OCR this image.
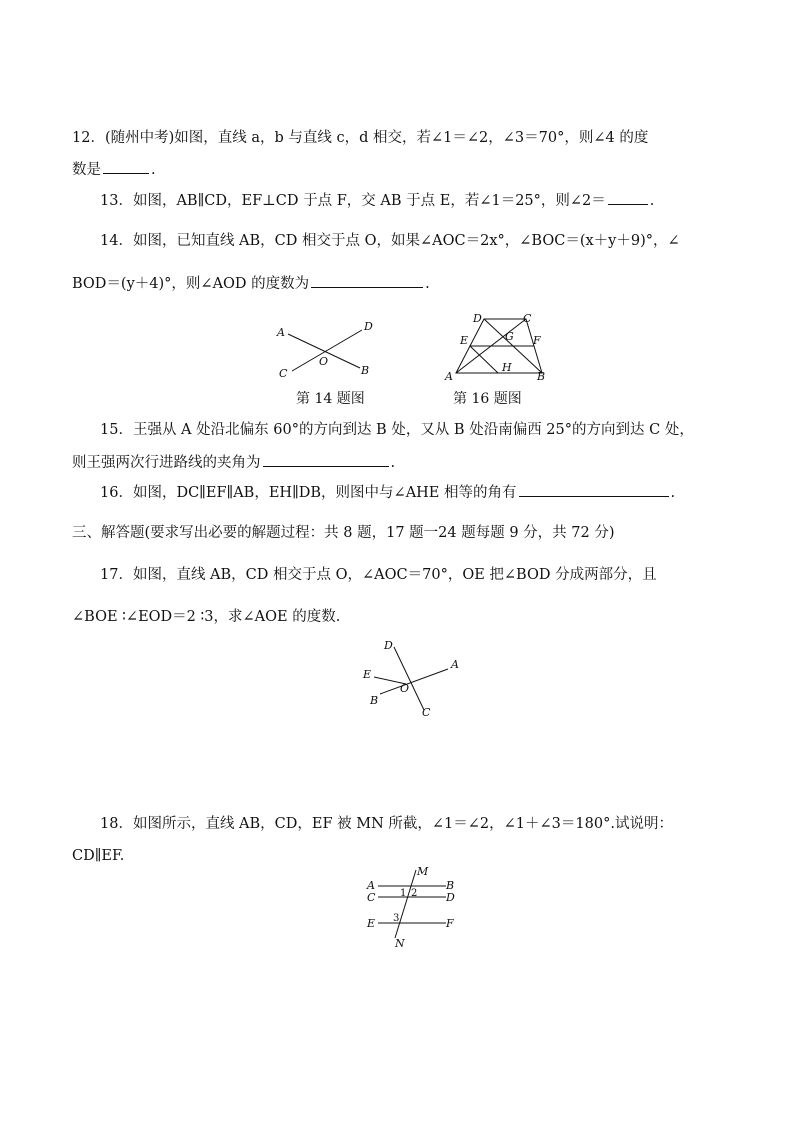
12．(随州中考)如图，直线 a，b 与直线 c，d 相交，若∠1＝∠2，∠3＝70°，则∠4 的度
数是	.
13．如图，AB∥CD，EF⊥CD 于点 F，交 AB 于点 E，若∠1＝25°，则∠2＝	.
14．如图，已知直线 AB，CD 相交于点 O，如果∠AOC＝2x°，∠BOC＝(x＋y＋9)°，∠
BOD＝(y＋4)°，则∠AOD 的度数为	.
A	D
O
C	B
第 14 题图
D	C
E	G F
H
A	B
第 16 题图
15．王强从 A 处沿北偏东 60°的方向到达 B 处，又从 B 处沿南偏西 25°的方向到达 C 处，
则王强两次行进路线的夹角为	.
16．如图，DC∥EF∥AB，EH∥DB，则图中与∠AHE 相等的角有	.
三、解答题(要求写出必要的解题过程：共 8 题，17 题一24 题每题 9 分，共 72 分)
17．如图，直线 AB，CD 相交于点 O，∠AOC＝70°，OE 把∠BOD 分成两部分，且
∠BOE ∶∠EOD＝2 ∶3，求∠AOE 的度数.
D
A
E
O
B
C
18．如图所示，直线 AB，CD，EF 被 MN 所截，∠1＝∠2，∠1＋∠3＝180°.试说明：
CD∥EF.
M
A	B
1 2
C	D
3
E	F
N
